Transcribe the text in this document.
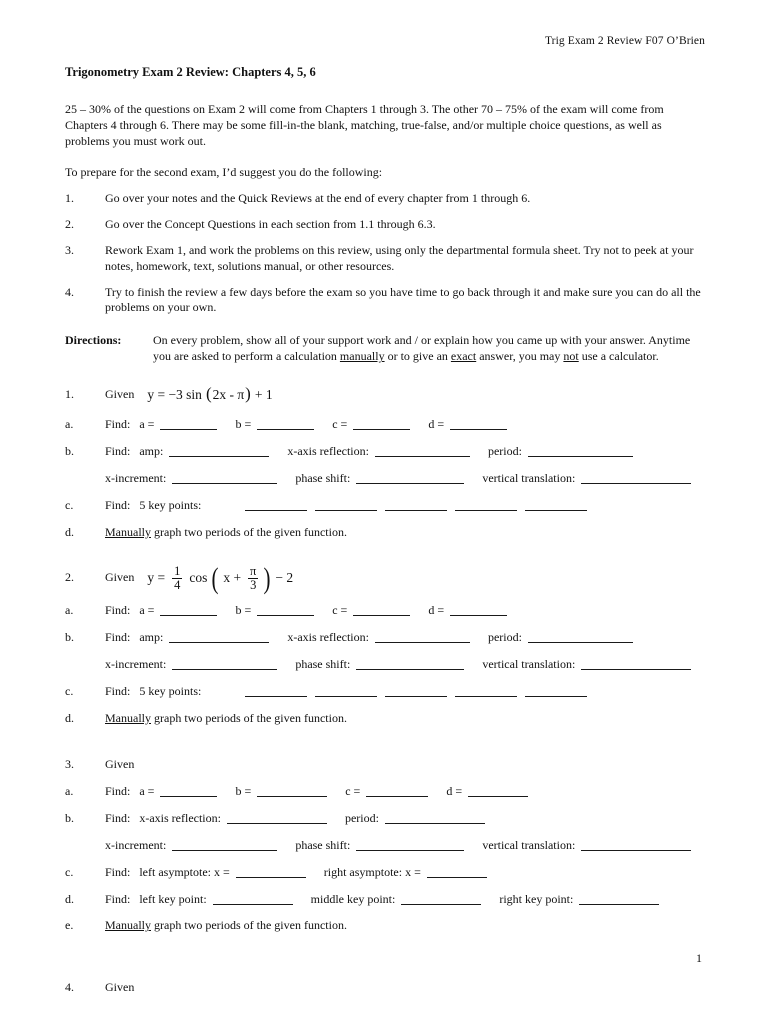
Trig Exam 2 Review F07 O’Brien
Trigonometry Exam 2 Review: Chapters 4, 5, 6
25 – 30% of the questions on Exam 2 will come from Chapters 1 through 3. The other 70 – 75% of the exam will come from Chapters 4 through 6. There may be some fill-in-the blank, matching, true-false, and/or multiple choice questions, as well as problems you must work out.
To prepare for the second exam, I’d suggest you do the following:
1.	Go over your notes and the Quick Reviews at the end of every chapter from 1 through 6.
2.	Go over the Concept Questions in each section from 1.1 through 6.3.
3.	Rework Exam 1, and work the problems on this review, using only the departmental formula sheet. Try not to peek at your notes, homework, text, solutions manual, or other resources.
4.	Try to finish the review a few days before the exam so you have time to go back through it and make sure you can do all the problems on your own.
Directions:	On every problem, show all of your support work and / or explain how you came up with your answer. Anytime you are asked to perform a calculation manually or to give an exact answer, you may not use a calculator.
1.	Given y = −3 sin ( 2x - π ) + 1
a.	Find: a =	b =	c =	d =
b.	Find: amp:	x-axis reflection:	period:
x-increment:	phase shift:	vertical translation:
c.	Find: 5 key points:
d.	Manually graph two periods of the given function.
2.	Given $y = \frac{1}{4}$ cos ( $x + \frac{\pi}{3}$ ) − 2
a.	Find: a =	b =	c =	d =
b.	Find: amp:	x-axis reflection:	period:
x-increment:	phase shift:	vertical translation:
c.	Find: 5 key points:
d.	Manually graph two periods of the given function.
3.	Given
a.	Find: a =	b =	c =	d =
b.	Find: x-axis reflection:	period:
x-increment:	phase shift:	vertical translation:
c.	Find: left asymptote: x =	right asymptote: x =
d.	Find: left key point:	middle key point:	right key point:
e.	Manually graph two periods of the given function.
4.	Given
1
